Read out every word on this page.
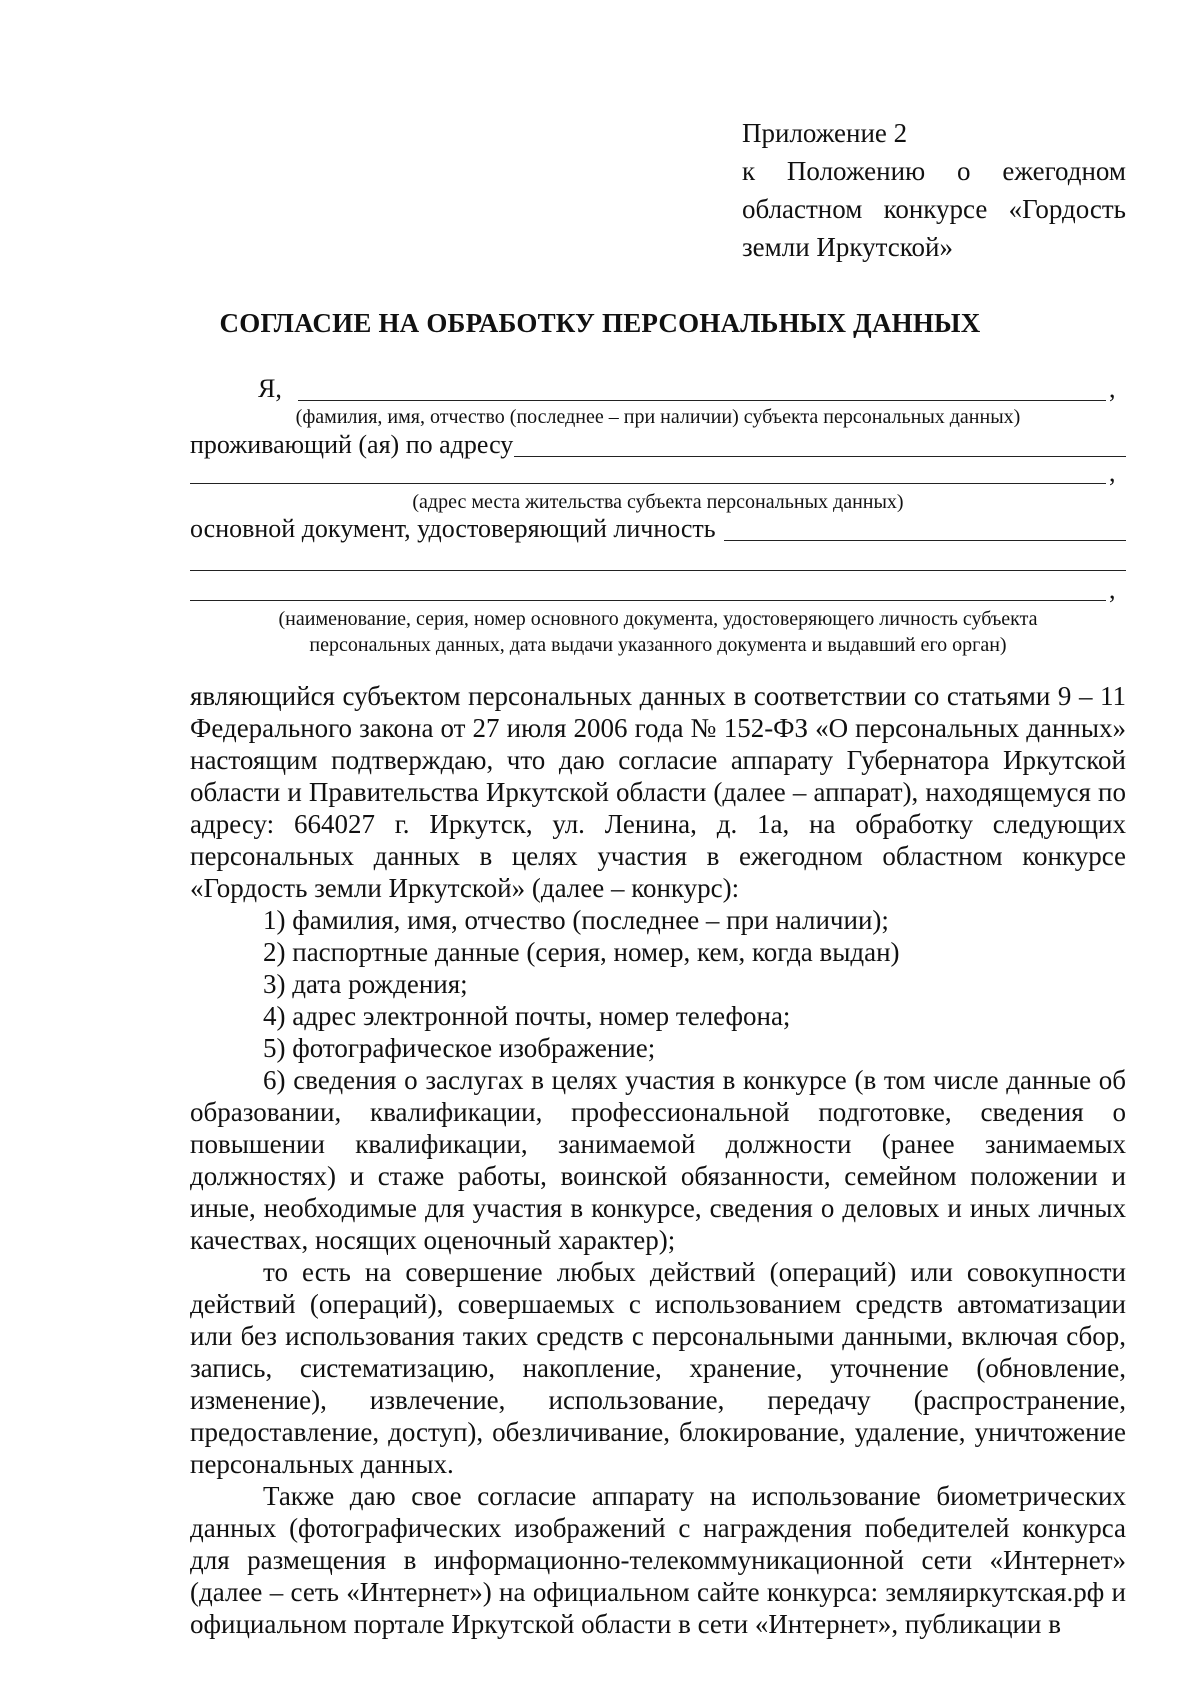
Приложение 2
к Положению о ежегодном
областном конкурсе «Гордость
земли Иркутской»
СОГЛАСИЕ НА ОБРАБОТКУ ПЕРСОНАЛЬНЫХ ДАННЫХ
Я,	,
(фамилия, имя, отчество (последнее – при наличии) субъекта персональных данных)
проживающий (ая) по адресу
,
(адрес места жительства субъекта персональных данных)
основной документ, удостоверяющий личность
,
(наименование, серия, номер основного документа, удостоверяющего личность субъекта
персональных данных, дата выдачи указанного документа и выдавший его орган)

являющийся субъектом персональных данных в соответствии со статьями 9 – 11 Федерального закона от 27 июля 2006 года № 152-ФЗ «О персональных данных» настоящим подтверждаю, что даю согласие аппарату Губернатора Иркутской области и Правительства Иркутской области (далее – аппарат), находящемуся по адресу: 664027 г. Иркутск, ул. Ленина, д. 1а, на обработку следующих персональных данных в целях участия в ежегодном областном конкурсе «Гордость земли Иркутской» (далее – конкурс):

1) фамилия, имя, отчество (последнее – при наличии);

2) паспортные данные (серия, номер, кем, когда выдан)

3) дата рождения;

4) адрес электронной почты, номер телефона;

5) фотографическое изображение;

6) сведения о заслугах в целях участия в конкурсе (в том числе данные об образовании, квалификации, профессиональной подготовке, сведения о повышении квалификации, занимаемой должности (ранее занимаемых должностях) и стаже работы, воинской обязанности, семейном положении и иные, необходимые для участия в конкурсе, сведения о деловых и иных личных качествах, носящих оценочный характер);

то есть на совершение любых действий (операций) или совокупности действий (операций), совершаемых с использованием средств автоматизации или без использования таких средств с персональными данными, включая сбор, запись, систематизацию, накопление, хранение, уточнение (обновление, изменение), извлечение, использование, передачу (распространение, предоставление, доступ), обезличивание, блокирование, удаление, уничтожение персональных данных.

Также даю свое согласие аппарату на использование биометрических данных (фотографических изображений с награждения победителей конкурса для размещения в информационно-телекоммуникационной сети «Интернет» (далее – сеть «Интернет») на официальном сайте конкурса: земляиркутская.рф и официальном портале Иркутской области в сети «Интернет», публикации в
